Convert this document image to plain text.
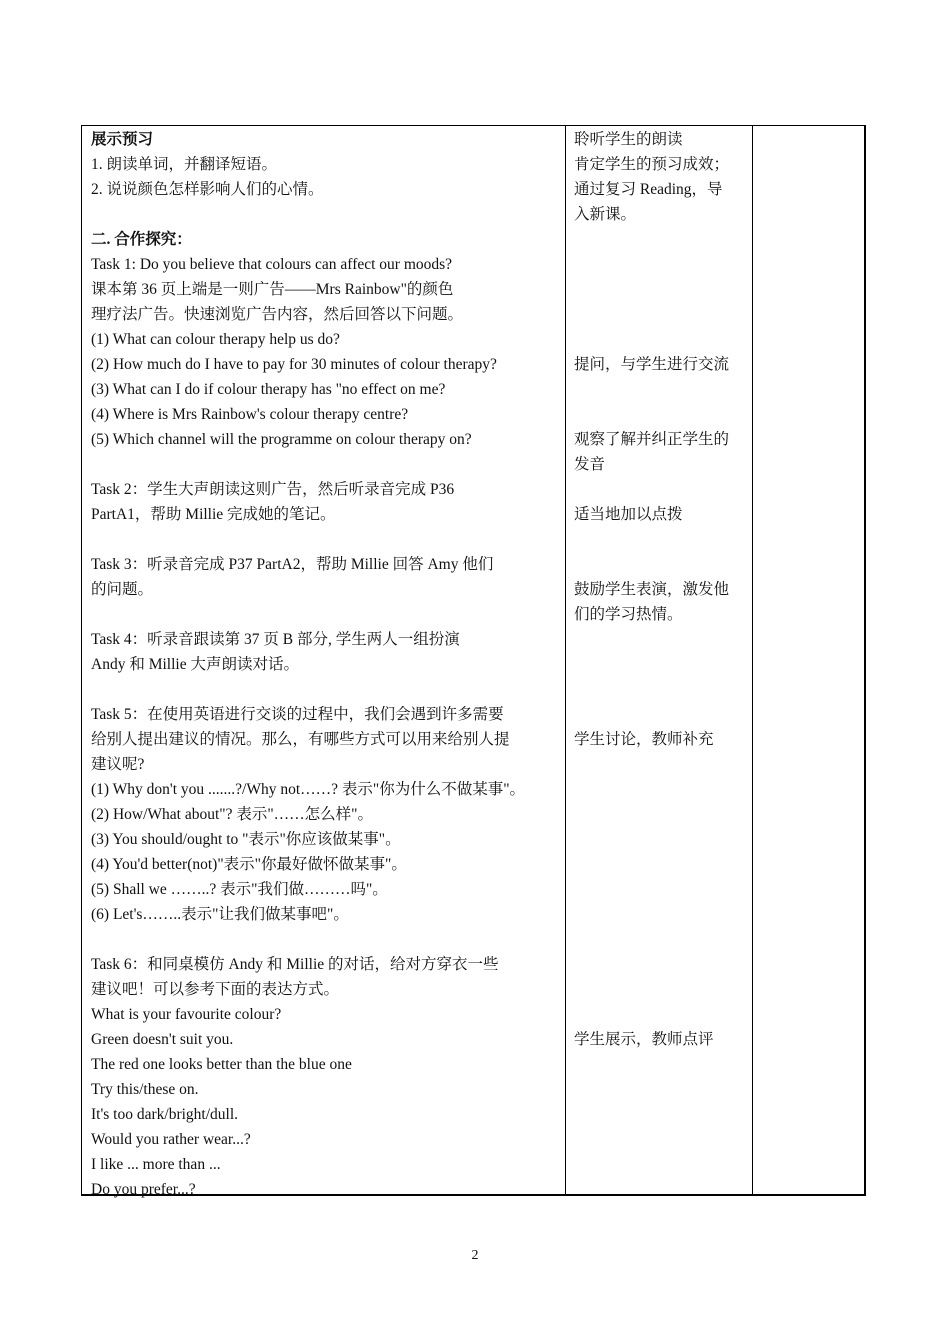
展示预习
1. 朗读单词，并翻译短语。
2. 说说颜色怎样影响人们的心情。
二. 合作探究：
Task 1: Do you believe that colours can affect our moods?
课本第 36 页上端是一则广告——Mrs Rainbow"的颜色
理疗法广告。快速浏览广告内容，然后回答以下问题。
(1) What can colour therapy help us do?
(2) How much do I have to pay for 30 minutes of colour therapy?
(3) What can I do if colour therapy has "no effect on me?
(4) Where is Mrs Rainbow's colour therapy centre?
(5) Which channel will the programme on colour therapy on?
Task 2：学生大声朗读这则广告，然后听录音完成 P36
PartA1，帮助 Millie 完成她的笔记。
Task 3：听录音完成 P37 PartA2，帮助 Millie 回答 Amy 他们
的问题。
Task 4：听录音跟读第 37 页 B 部分, 学生两人一组扮演
Andy 和 Millie 大声朗读对话。
Task 5：在使用英语进行交谈的过程中，我们会遇到许多需要
给别人提出建议的情况。那么，有哪些方式可以用来给别人提
建议呢?
(1) Why don't you .......?/Why not……? 表示"你为什么不做某事"。
(2) How/What about"? 表示"……怎么样"。
(3) You should/ought to "表示"你应该做某事"。
(4) You'd better(not)"表示"你最好做怀做某事"。
(5) Shall we ……..? 表示"我们做………吗"。
(6) Let's……..表示"让我们做某事吧"。
Task 6：和同桌模仿 Andy 和 Millie 的对话，给对方穿衣一些
建议吧！可以参考下面的表达方式。
What is your favourite colour?
Green doesn't suit you.
The red one looks better than the blue one
Try this/these on.
It's too dark/bright/dull.
Would you rather wear...?
I like ... more than ...
Do you prefer...?
聆听学生的朗读
肯定学生的预习成效；
通过复习 Reading，导
入新课。
提问，与学生进行交流
观察了解并纠正学生的
发音
适当地加以点拨
鼓励学生表演，激发他
们的学习热情。
学生讨论，教师补充
学生展示，教师点评
2
